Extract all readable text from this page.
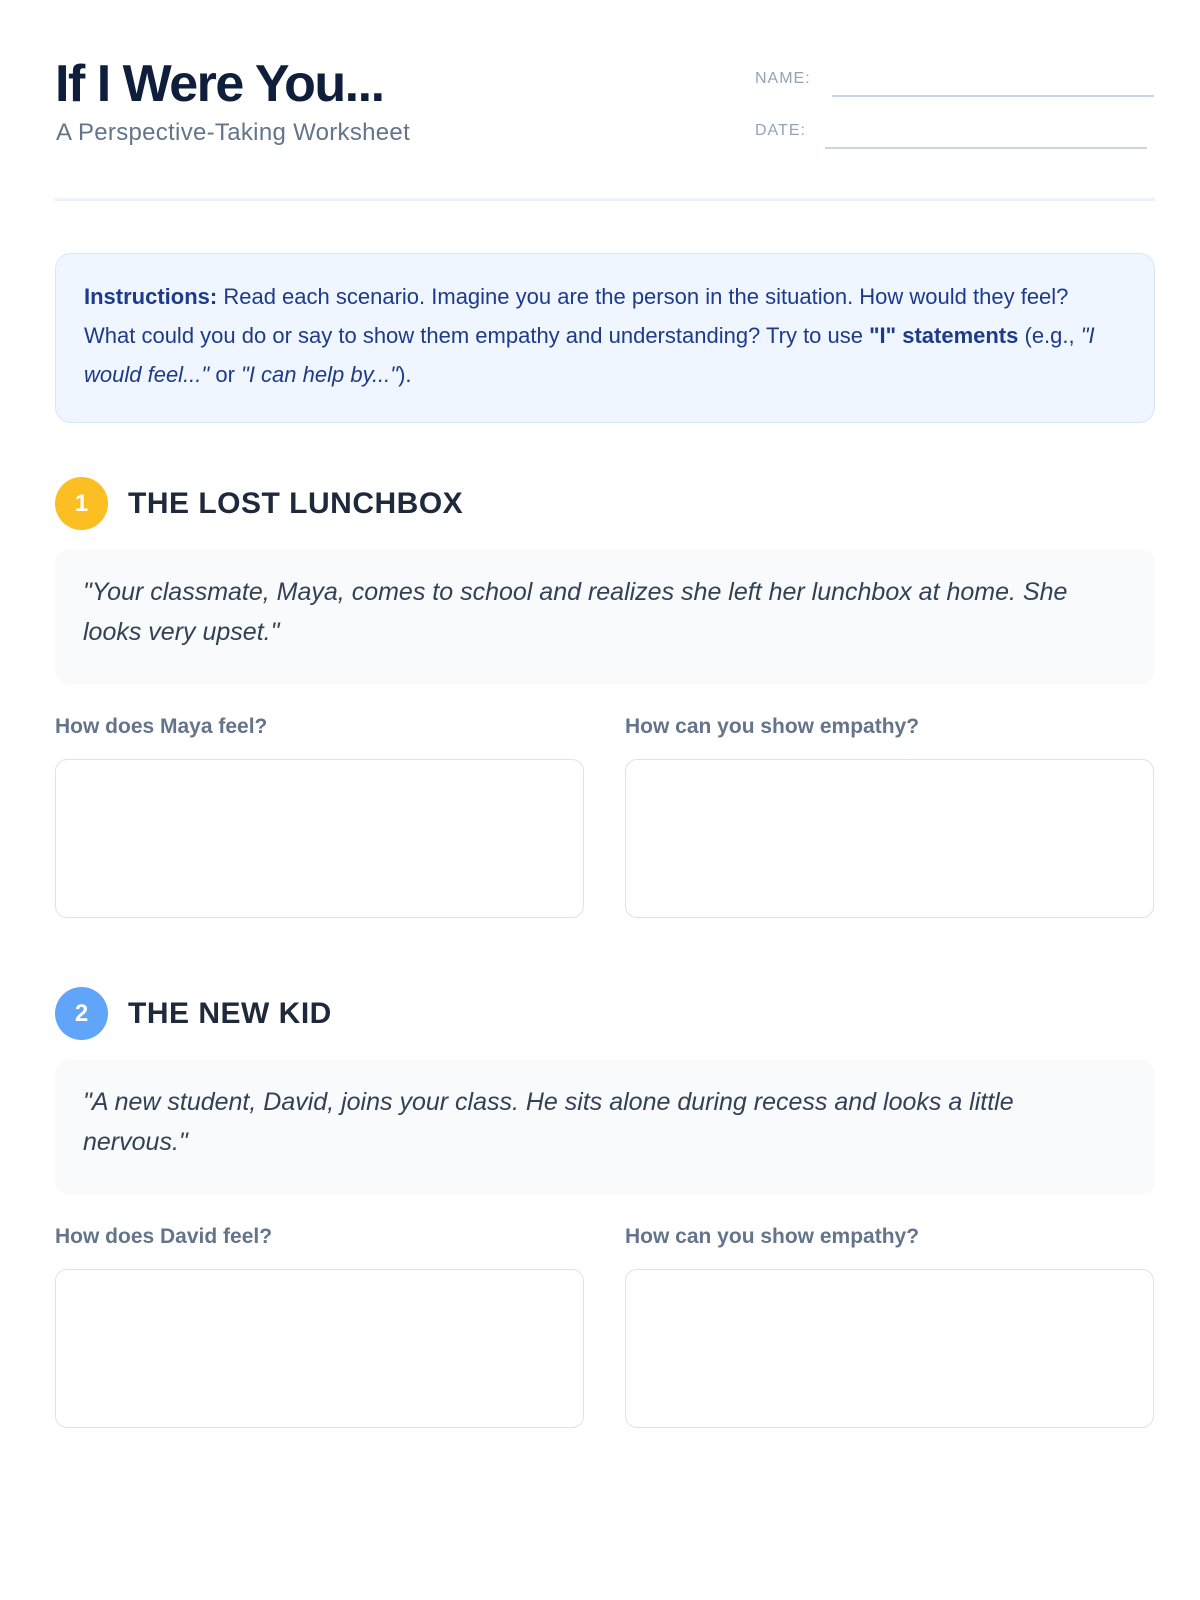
If I Were You...
A Perspective-Taking Worksheet
NAME:
DATE:

Instructions: Read each scenario. Imagine you are the person in the situation. How would they feel? What could you do or say to show them empathy and understanding? Try to use "I" statements (e.g., "I would feel..." or "I can help by...").

1	THE LOST LUNCHBOX

"Your classmate, Maya, comes to school and realizes she left her lunchbox at home. She looks very upset."

How does Maya feel?	How can you show empathy?
2	THE NEW KID

"A new student, David, joins your class. He sits alone during recess and looks a little nervous."

How does David feel?	How can you show empathy?
